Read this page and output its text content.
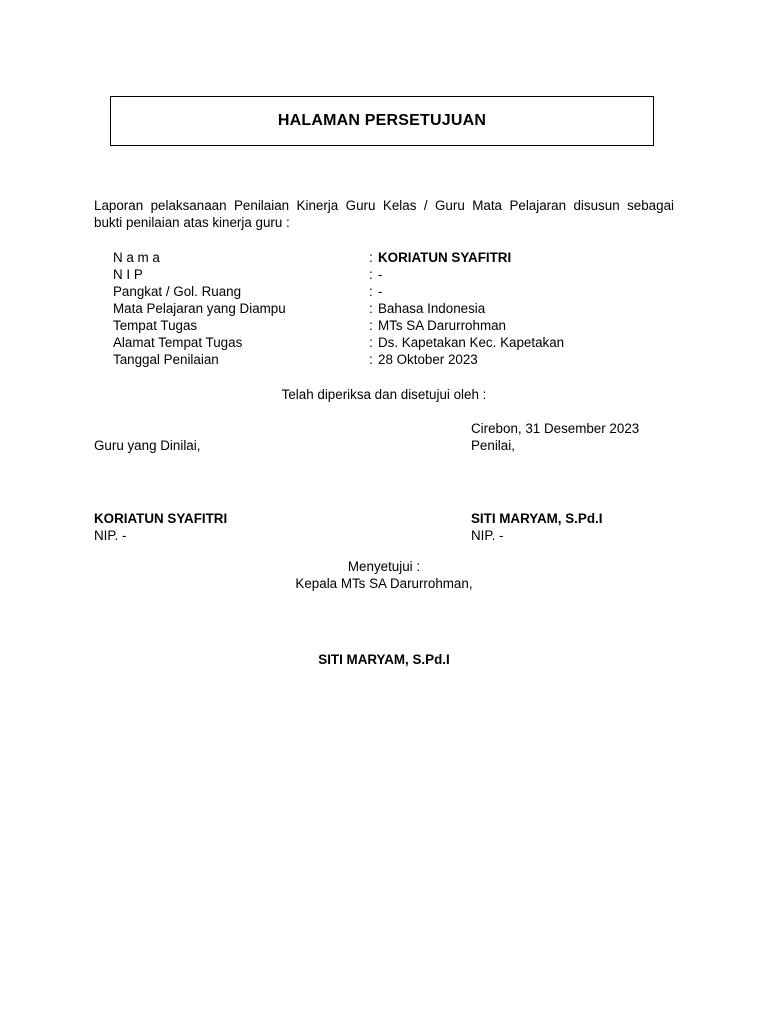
HALAMAN PERSETUJUAN
Laporan pelaksanaan Penilaian Kinerja Guru Kelas / Guru Mata Pelajaran disusun sebagai
bukti penilaian atas kinerja guru :
N a m a	: KORIATUN SYAFITRI
N I P	: -
Pangkat / Gol. Ruang	: -
Mata Pelajaran yang Diampu	: Bahasa Indonesia
Tempat Tugas	: MTs SA Darurrohman
Alamat Tempat Tugas	: Ds. Kapetakan Kec. Kapetakan
Tanggal Penilaian	: 28 Oktober 2023
Telah diperiksa dan disetujui oleh :
Cirebon, 31 Desember 2023
Guru yang Dinilai,	Penilai,
KORIATUN SYAFITRI	SITI MARYAM, S.Pd.I
NIP. -	NIP. -
Menyetujui :
Kepala MTs SA Darurrohman,
SITI MARYAM, S.Pd.I
